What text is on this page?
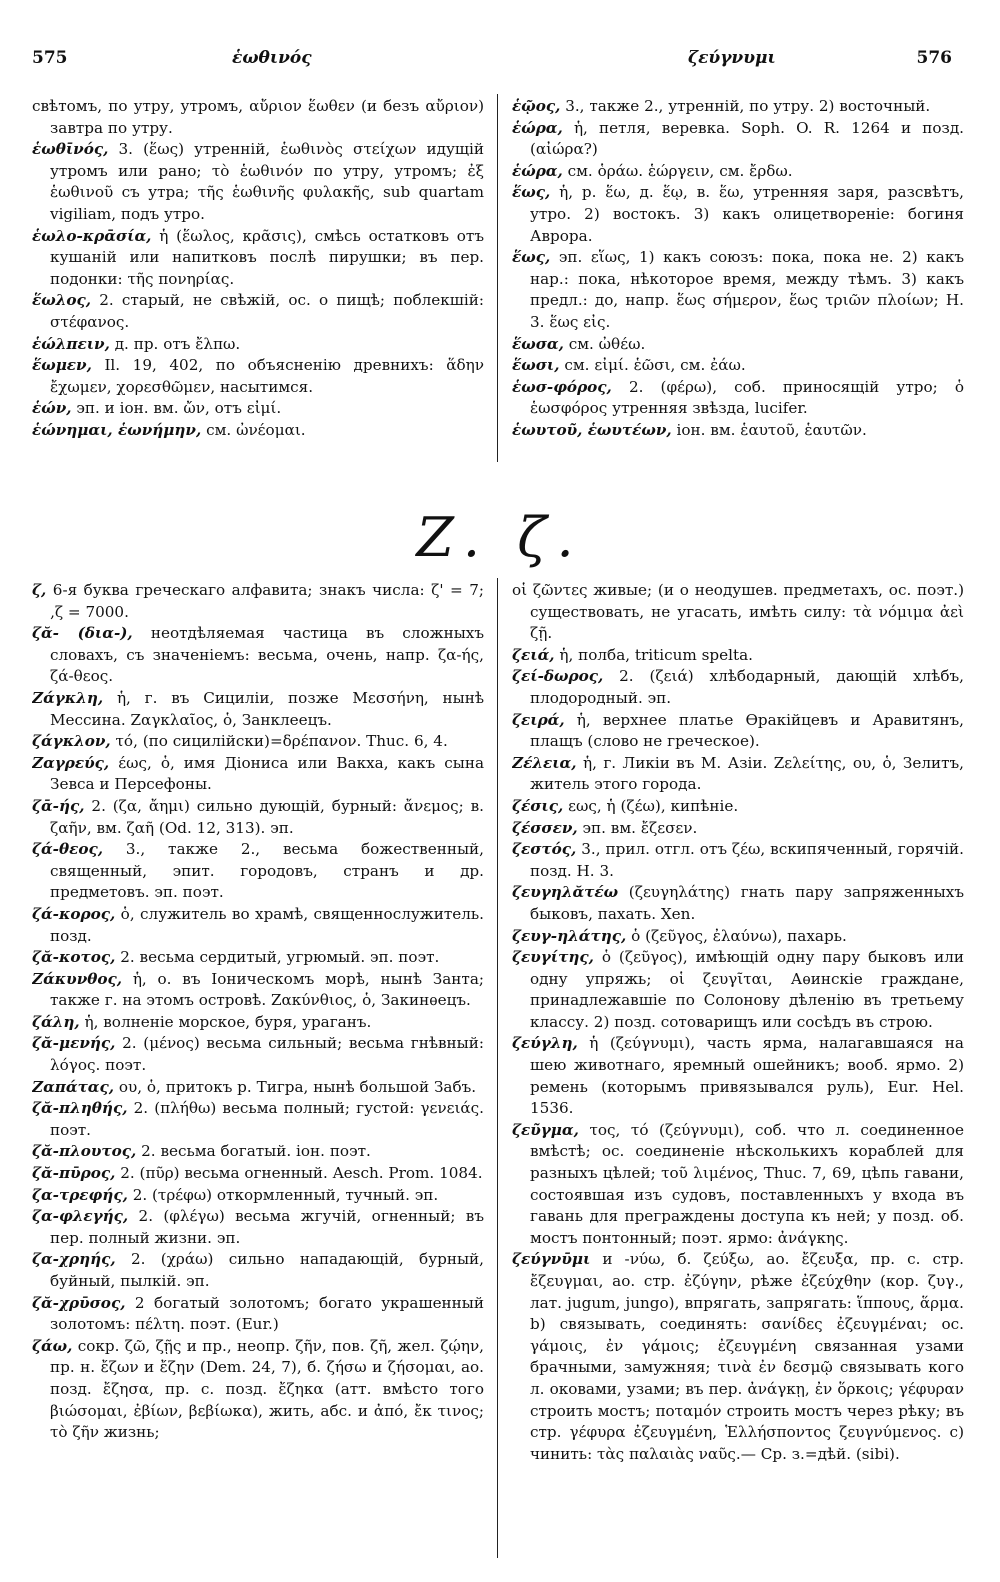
575	ἑωθινός	ζεύγνυμι	576
свѣтомъ, по утру, утромъ, αὔριον ἕωθεν (и безъ αὔριον) завтра по утру.
ἑωθῑνός, 3. (ἕως) утренній, ἑωθινὸς στείχων идущій утромъ или рано; τὸ ἑωθινόν по утру, утромъ; ἐξ ἑωθινοῦ съ утра; τῆς ἑωθινῆς φυλακῆς, sub quartam vigiliam, подъ утро.
ἑωλο-κρᾱσία, ἡ (ἕωλος, κρᾶσις), смѣсь остатковъ отъ кушаній или напитковъ послѣ пирушки; въ пер. подонки: τῆς πονηρίας.
ἕωλος, 2. старый, не свѣжій, ос. о пищѣ; поблекшій: στέφανος.
ἑώλπειν, д. пр. отъ ἔλπω.
ἕωμεν, Il. 19, 402, по объясненію древнихъ: ἅδην ἔχωμεν, χορεσθῶμεν, насытимся.
ἑών, эп. и іон. вм. ὤν, отъ εἰμί.
ἑώνημαι, ἑωνήμην, см. ὠνέομαι.
ἑῷος, 3., также 2., утренній, по утру. 2) восточный.
ἑώρα, ἡ, петля, веревка. Soph. O. R. 1264 и позд. (αἰώρα?)
ἑώρα, см. ὁράω. ἑώργειν, см. ἔρδω.
ἕως, ἡ, р. ἕω, д. ἕῳ, в. ἕω, утренняя заря, разсвѣтъ, утро. 2) востокъ. 3) какъ олицетвореніе: богиня Аврора.
ἕως, эп. εἵως, 1) какъ союзъ: пока, пока не. 2) какъ нар.: пока, нѣкоторое время, между тѣмъ. 3) какъ предл.: до, напр. ἕως σήμερον, ἕως τριῶν πλοίων; H. 3. ἕως εἰς.
ἕωσα, см. ὠθέω.
ἕωσι, см. εἰμί. ἑῶσι, см. ἐάω.
ἑωσ-φόρος, 2. (φέρω), соб. приносящій утро; ὁ ἑωσφόρος утренняя звѣзда, lucifer.
ἑωυτοῦ, ἑωυτέων, іон. вм. ἑαυτοῦ, ἑαυτῶν.
Z. ζ.
ζ, 6-я буква греческаго алфавита; знакъ числа: ζ' = 7; ‚ζ = 7000.
ζᾰ- (δια-), неотдѣляемая частица въ сложныхъ словахъ, съ значеніемъ: весьма, очень, напр. ζα-ής, ζά-θεος.
Ζάγκλη, ἡ, г. въ Сициліи, позже Μεσσήνη, нынѣ Мессина. Ζαγκλαῖος, ὁ, Занклеецъ.
ζάγκλον, τό, (по сицилійски)=δρέπανον. Thuc. 6, 4.
Ζαγρεύς, έως, ὁ, имя Діониса или Вакха, какъ сына Зевса и Персефоны.
ζᾱ-ής, 2. (ζα, ἄημι) сильно дующій, бурный: ἄνεμος; в. ζαῆν, вм. ζαῆ (Od. 12, 313). эп.
ζά-θεος, 3., также 2., весьма божественный, священный, эпит. городовъ, странъ и др. предметовъ. эп. поэт.
ζά-κορος, ὁ, служитель во храмѣ, священнослужитель. позд.
ζᾰ-κοτος, 2. весьма сердитый, угрюмый. эп. поэт.
Ζάκυνθος, ἡ, о. въ Іоническомъ морѣ, нынѣ Занта; также г. на этомъ островѣ. Ζακύνθιος, ὁ, Закинѳецъ.
ζάλη, ἡ, волненіе морское, буря, ураганъ.
ζᾰ-μενής, 2. (μένος) весьма сильный; весьма гнѣвный: λόγος. поэт.
Ζαπάτας, ου, ὁ, притокъ р. Тигра, нынѣ большой Забъ.
ζᾰ-πληθής, 2. (πλήθω) весьма полный; густой: γενειάς. поэт.
ζᾰ-πλουτος, 2. весьма богатый. іон. поэт.
ζᾰ-πῡρος, 2. (πῦρ) весьма огненный. Aesch. Prom. 1084.
ζα-τρεφής, 2. (τρέφω) откормленный, тучный. эп.
ζα-φλεγής, 2. (φλέγω) весьма жгучій, огненный; въ пер. полный жизни. эп.
ζα-χρηής, 2. (χράω) сильно нападающій, бурный, буйный, пылкій. эп.
ζᾰ-χρῡσος, 2 богатый золотомъ; богато украшенный золотомъ: πέλτη. поэт. (Eur.)
ζάω, сокр. ζῶ, ζῇς и пр., неопр. ζῆν, пов. ζῆ, жел. ζῴην, пр. н. ἔζων и ἔζην (Dem. 24, 7), б. ζήσω и ζήσομαι, ао. позд. ἔζησα, пр. с. позд. ἔζηκα (атт. вмѣсто того βιώσομαι, ἐβίων, βεβίωκα), жить, абс. и ἀπό, ἔκ τινος; τὸ ζῆν жизнь;
οἱ ζῶντες живые; (и о неодушев. предметахъ, ос. поэт.) существовать, не угасать, имѣть силу: τὰ νόμιμα ἀεὶ ζῇ.
ζειά, ἡ, полба, triticum spelta.
ζεί-δωρος, 2. (ζειά) хлѣбодарный, дающій хлѣбъ, плодородный. эп.
ζειρά, ἡ, верхнее платье Ѳракійцевъ и Аравитянъ, плащъ (слово не греческое).
Ζέλεια, ἡ, г. Ликіи въ М. Азіи. Ζελείτης, ου, ὁ, Зелитъ, житель этого города.
ζέσις, εως, ἡ (ζέω), кипѣніе.
ζέσσεν, эп. вм. ἔζεσεν.
ζεστός, 3., прил. отгл. отъ ζέω, вскипяченный, горячій. позд. H. 3.
ζευγηλᾰτέω (ζευγηλάτης) гнать пару запряженныхъ быковъ, пахать. Xen.
ζευγ-ηλάτης, ὁ (ζεῦγος, ἐλαύνω), пахарь.
ζευγίτης, ὁ (ζεῦγος), имѣющій одну пару быковъ или одну упряжь; οἱ ζευγῖται, Аѳинскіе граждане, принадлежавшіе по Солонову дѣленію въ третьему классу. 2) позд. сотоварищъ или сосѣдъ въ строю.
ζεύγλη, ἡ (ζεύγνυμι), часть ярма, налагавшаяся на шею животнаго, яремный ошейникъ; вооб. ярмо. 2) ремень (которымъ привязывался руль), Eur. Hel. 1536.
ζεῦγμα, τος, τό (ζεύγνυμι), соб. что л. соединенное вмѣстѣ; ос. соединеніе нѣсколькихъ кораблей для разныхъ цѣлей; τοῦ λιμένος, Thuc. 7, 69, цѣпь гавани, состоявшая изъ судовъ, поставленныхъ у входа въ гавань для преграждены доступа къ ней; у позд. об. мостъ понтонный; поэт. ярмо: ἀνάγκης.
ζεύγνῡμι и -νύω, б. ζεύξω, ао. ἔζευξα, пр. с. стр. ἔζευγμαι, ао. стр. ἐζύγην, рѣже ἐζεύχθην (кор. ζυγ., лат. jugum, jungo), впрягать, запрягать: ἵππους, ἅρμα. b) связывать, соединять: σανίδες ἐζευγμέναι; ос. γάμοις, ἐν γάμοις; ἐζευγμένη связанная узами брачными, замужняя; τινὰ ἐν δεσμῷ связывать кого л. оковами, узами; въ пер. ἀνάγκῃ, ἐν ὅρκοις; γέφυραν строить мостъ; ποταμόν строить мостъ через рѣку; въ стр. γέφυρα ἐζευγμένη, Ἑλλήσποντος ζευγνύμενος. c) чинить: τὰς παλαιὰς ναῦς.— Ср. з.=дѣй. (sibi).
